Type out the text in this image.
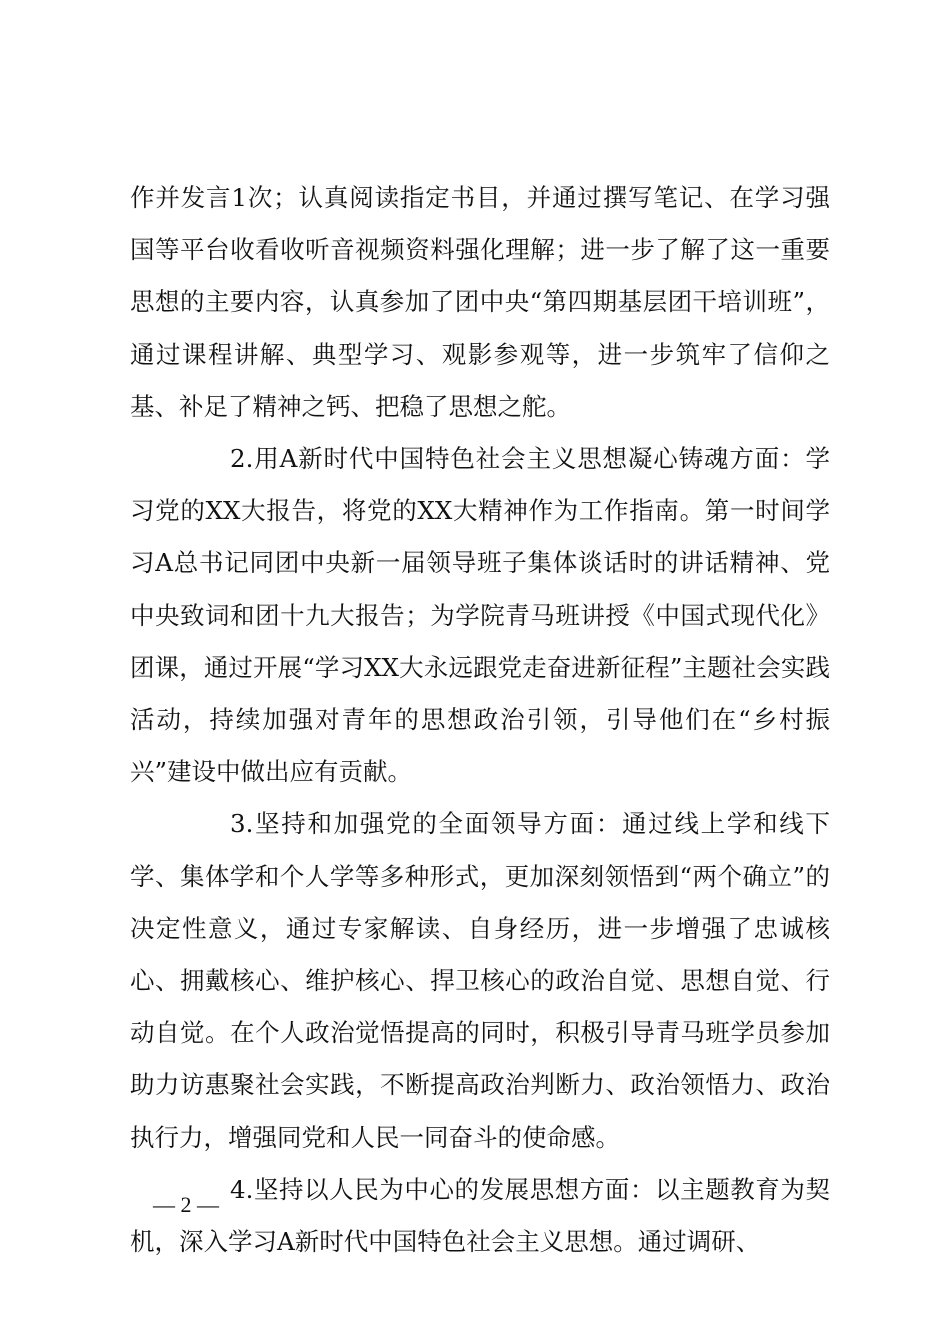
作并发言1次；认真阅读指定书目，并通过撰写笔记、在学习强国等平台收看收听音视频资料强化理解；进一步了解了这一重要思想的主要内容，认真参加了团中央“第四期基层团干培训班”，通过课程讲解、典型学习、观影参观等，进一步筑牢了信仰之基、补足了精神之钙、把稳了思想之舵。

2.用A新时代中国特色社会主义思想凝心铸魂方面：学习党的XX大报告，将党的XX大精神作为工作指南。第一时间学习A总书记同团中央新一届领导班子集体谈话时的讲话精神、党中央致词和团十九大报告；为学院青马班讲授《中国式现代化》团课，通过开展“学习XX大永远跟党走奋进新征程”主题社会实践活动，持续加强对青年的思想政治引领，引导他们在“乡村振兴”建设中做出应有贡献。

3.坚持和加强党的全面领导方面：通过线上学和线下学、集体学和个人学等多种形式，更加深刻领悟到“两个确立”的决定性意义，通过专家解读、自身经历，进一步增强了忠诚核心、拥戴核心、维护核心、捍卫核心的政治自觉、思想自觉、行动自觉。在个人政治觉悟提高的同时，积极引导青马班学员参加助力访惠聚社会实践，不断提高政治判断力、政治领悟力、政治执行力，增强同党和人民一同奋斗的使命感。

4.坚持以人民为中心的发展思想方面：以主题教育为契机，深入学习A新时代中国特色社会主义思想。通过调研、

— 2 —
